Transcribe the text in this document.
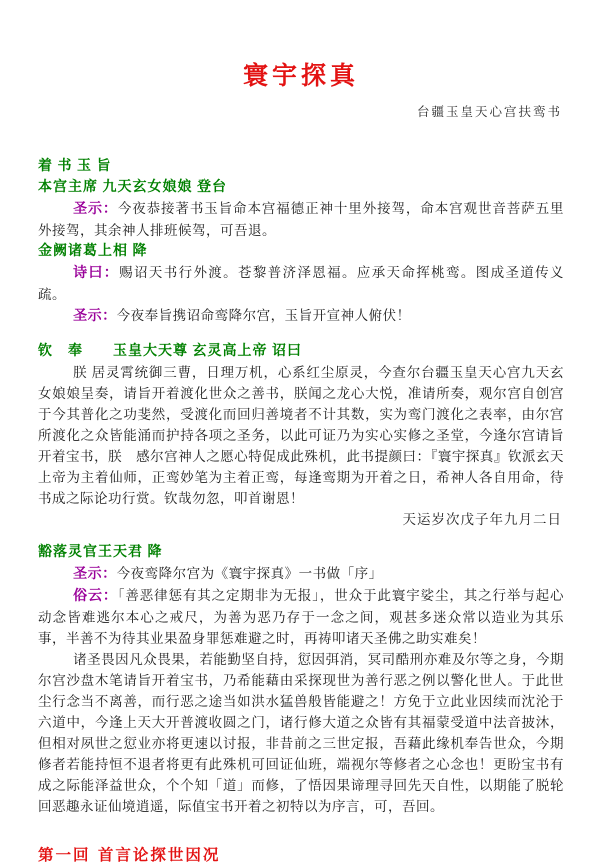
寰宇探真
台疆玉皇天心宫扶鸾书
着 书 玉 旨
本宫主席 九天玄女娘娘 登台

圣示：今夜恭接著书玉旨命本宫福德正神十里外接驾，命本宫观世音菩萨五里外接驾，其余神人排班候驾，可吾退。

金阙诸葛上相 降

诗曰：赐诏天书行外渡。苍黎普济泽恩福。应承天命挥桃鸾。图成圣道传义疏。

圣示：今夜奉旨携诏命鸾降尔宫，玉旨开宣神人俯伏！

钦　奉　　玉皇大天尊 玄灵高上帝 诏曰

朕 居灵霄统御三曹，日理万机，心系红尘原灵，今查尔台疆玉皇天心宫九天玄女娘娘呈奏，请旨开着渡化世众之善书，朕闻之龙心大悦，准请所奏，观尔宫自创宫于今其普化之功斐然，受渡化而回归善境者不计其数，实为鸾门渡化之表率，由尔宫所渡化之众皆能涌而护持各项之圣务，以此可证乃为实心实修之圣堂，今逢尔宫请旨开着宝书，朕　感尔宫神人之愿心特促成此殊机，此书提颜曰：『寰宇探真』钦派玄天上帝为主着仙师，正鸾妙笔为主着正鸾，每逢鸾期为开着之日，希神人各自用命，待书成之际论功行赏。钦哉勿忽，叩首谢恩！

天运岁次戊子年九月二日
豁落灵官王天君 降

圣示：今夜鸾降尔宫为《寰宇探真》一书做「序」

俗云：「善恶律惩有其之定期非为无报」，世众于此寰宇娑尘，其之行举与起心动念皆难逃尔本心之戒尺，为善为恶乃存于一念之间，观甚多迷众常以造业为其乐事，半善不为待其业果盈身罪惩难避之时，再祷叩诸天圣佛之助实难矣！

诸圣畏因凡众畏果，若能勤坚自持，愆因弭消，冥司酷刑亦难及尔等之身，今期尔宫沙盘木笔请旨开着宝书，乃希能藉由采探现世为善行恶之例以警化世人。于此世尘行念当不离善，而行恶之途当如洪水猛兽般皆能避之！方免于立此业因续而沈沦于六道中，今逢上天大开普渡收圆之门，诸行修大道之众皆有其福蒙受道中法音披沐，但相对夙世之愆业亦将更速以讨报，非昔前之三世定报，吾藉此缘机奉告世众，今期修者若能持恒不退者将更有此殊机可回证仙班，端视尔等修者之心念也！更盼宝书有成之际能泽益世众，个个知「道」而修，了悟因果谛理寻回先天自性，以期能了脱轮回恶趣永证仙境逍遥，际值宝书开着之初特以为序言，可，吾回。

第一回 首言论探世因况
